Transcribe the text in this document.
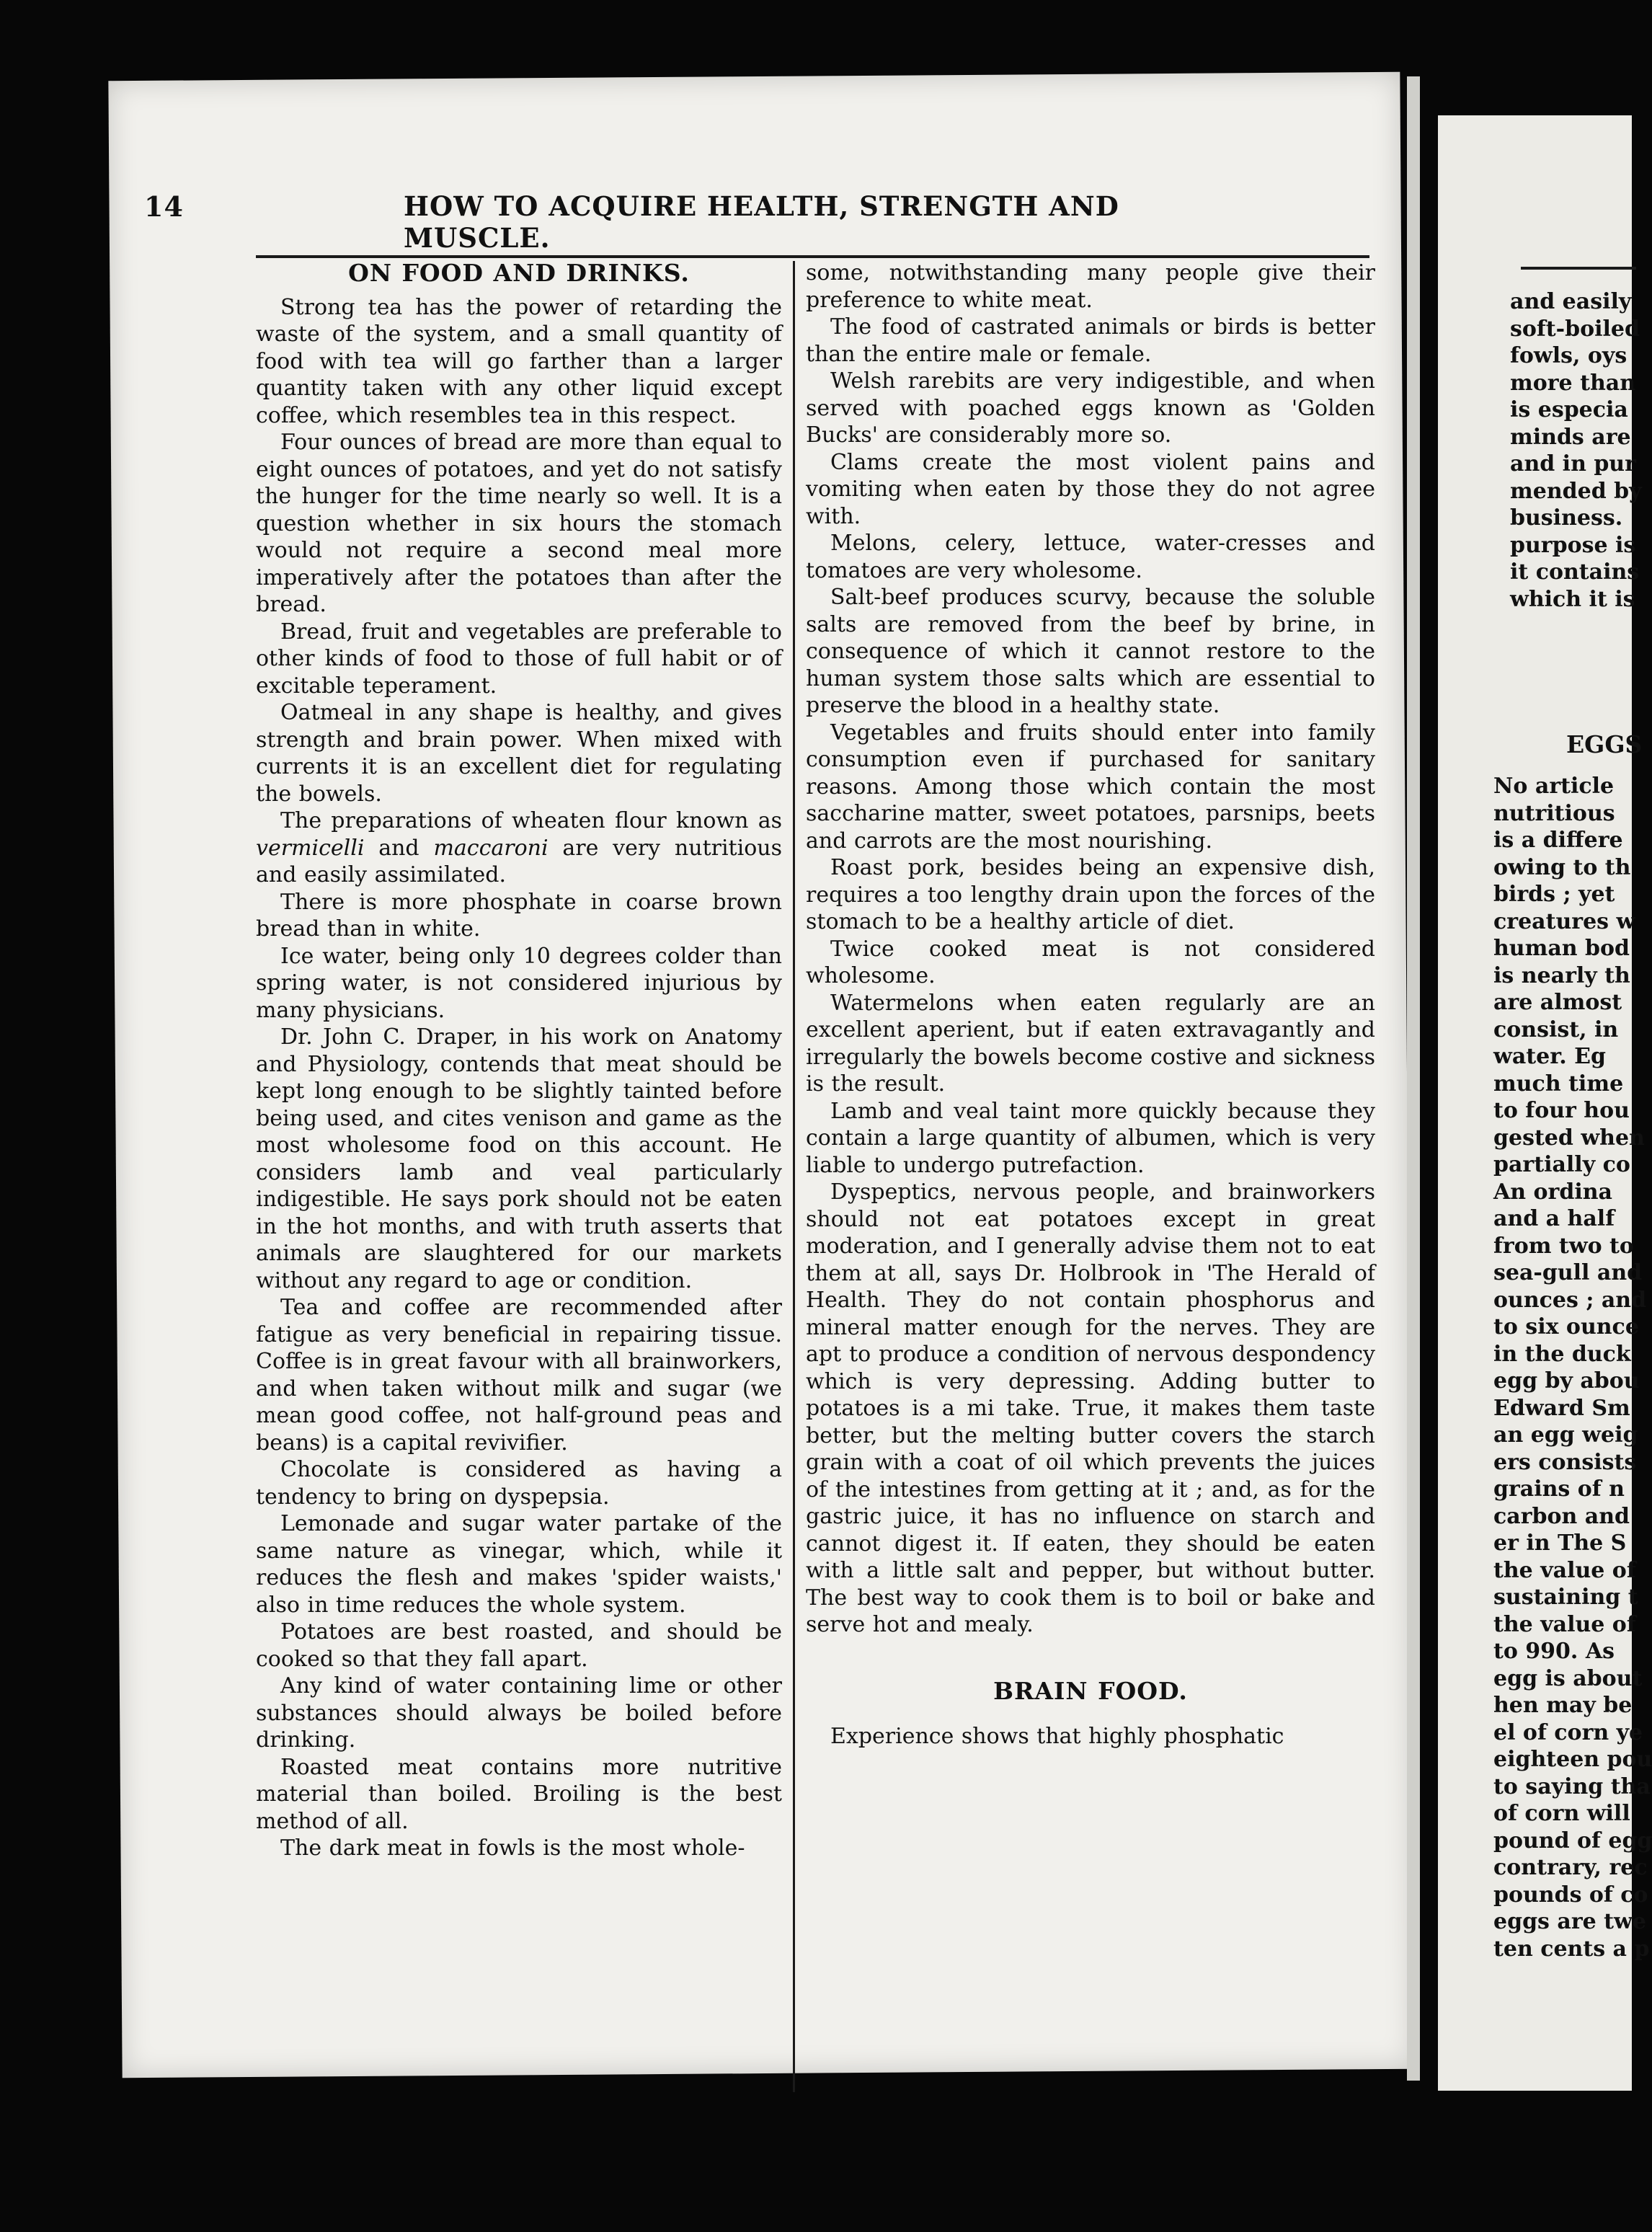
14	HOW TO ACQUIRE HEALTH, STRENGTH AND MUSCLE.
ON FOOD AND DRINKS.

Strong tea has the power of retarding the waste of the system, and a small quantity of food with tea will go farther than a larger quantity taken with any other liquid except coffee, which resembles tea in this respect.

Four ounces of bread are more than equal to eight ounces of potatoes, and yet do not satisfy the hunger for the time nearly so well. It is a question whether in six hours the stomach would not require a second meal more imperatively after the potatoes than after the bread.

Bread, fruit and vegetables are preferable to other kinds of food to those of full habit or of excitable teperament.

Oatmeal in any shape is healthy, and gives strength and brain power. When mixed with currents it is an excellent diet for regulating the bowels.

The preparations of wheaten flour known as vermicelli and maccaroni are very nutritious and easily assimilated.

There is more phosphate in coarse brown bread than in white.

Ice water, being only 10 degrees colder than spring water, is not considered injurious by many physicians.

Dr. John C. Draper, in his work on Anatomy and Physiology, contends that meat should be kept long enough to be slightly tainted before being used, and cites venison and game as the most wholesome food on this account. He considers lamb and veal particularly indigestible. He says pork should not be eaten in the hot months, and with truth asserts that animals are slaughtered for our markets without any regard to age or condition.

Tea and coffee are recommended after fatigue as very beneficial in repairing tissue. Coffee is in great favour with all brainworkers, and when taken without milk and sugar (we mean good coffee, not half-ground peas and beans) is a capital revivifier.

Chocolate is considered as having a tendency to bring on dyspepsia.

Lemonade and sugar water partake of the same nature as vinegar, which, while it reduces the flesh and makes 'spider waists,' also in time reduces the whole system.

Potatoes are best roasted, and should be cooked so that they fall apart.

Any kind of water containing lime or other substances should always be boiled before drinking.

Roasted meat contains more nutritive material than boiled. Broiling is the best method of all.

The dark meat in fowls is the most whole-

some, notwithstanding many people give their preference to white meat.

The food of castrated animals or birds is better than the entire male or female.

Welsh rarebits are very indigestible, and when served with poached eggs known as 'Golden Bucks' are considerably more so.

Clams create the most violent pains and vomiting when eaten by those they do not agree with.

Melons, celery, lettuce, water-cresses and tomatoes are very wholesome.

Salt-beef produces scurvy, because the soluble salts are removed from the beef by brine, in consequence of which it cannot restore to the human system those salts which are essential to preserve the blood in a healthy state.

Vegetables and fruits should enter into family consumption even if purchased for sanitary reasons. Among those which contain the most saccharine matter, sweet potatoes, parsnips, beets and carrots are the most nourishing.

Roast pork, besides being an expensive dish, requires a too lengthy drain upon the forces of the stomach to be a healthy article of diet.

Twice cooked meat is not considered wholesome.

Watermelons when eaten regularly are an excellent aperient, but if eaten extravagantly and irregularly the bowels become costive and sickness is the result.

Lamb and veal taint more quickly because they contain a large quantity of albumen, which is very liable to undergo putrefaction.

Dyspeptics, nervous people, and brainworkers should not eat potatoes except in great moderation, and I generally advise them not to eat them at all, says Dr. Holbrook in 'The Herald of Health. They do not contain phosphorus and mineral matter enough for the nerves. They are apt to produce a condition of nervous despondency which is very depressing. Adding butter to potatoes is a mi take. True, it makes them taste better, but the melting butter covers the starch grain with a coat of oil which prevents the juices of the intestines from getting at it ; and, as for the gastric juice, it has no influence on starch and cannot digest it. If eaten, they should be eaten with a little salt and pepper, but without butter. The best way to cook them is to boil or bake and serve hot and mealy.

BRAIN FOOD.

Experience shows that highly phosphatic

and easily
soft-boiled
fowls, oys
more than
is especia
minds are
and in pur
mended by
business.
purpose is
it contains
which it is
EGGS
No article
nutritious
is a differe
owing to th
birds ; yet
creatures w
human bod
is nearly th
are almost
consist, in
water. Eg
much time
to four hou
gested when
partially co
An ordina
and a half
from two to
sea-gull and
ounces ; and
to six ounce
in the duck
egg by abou
Edward Sm
an egg weig
ers consists
grains of n
carbon and
er in The S
the value of
sustaining t
the value of
to 990. As
egg is about
hen may be
el of corn ye
eighteen pou
to saying tha
of corn will
pound of egg
contrary, rec
pounds of co
eggs are twe
ten cents a p
